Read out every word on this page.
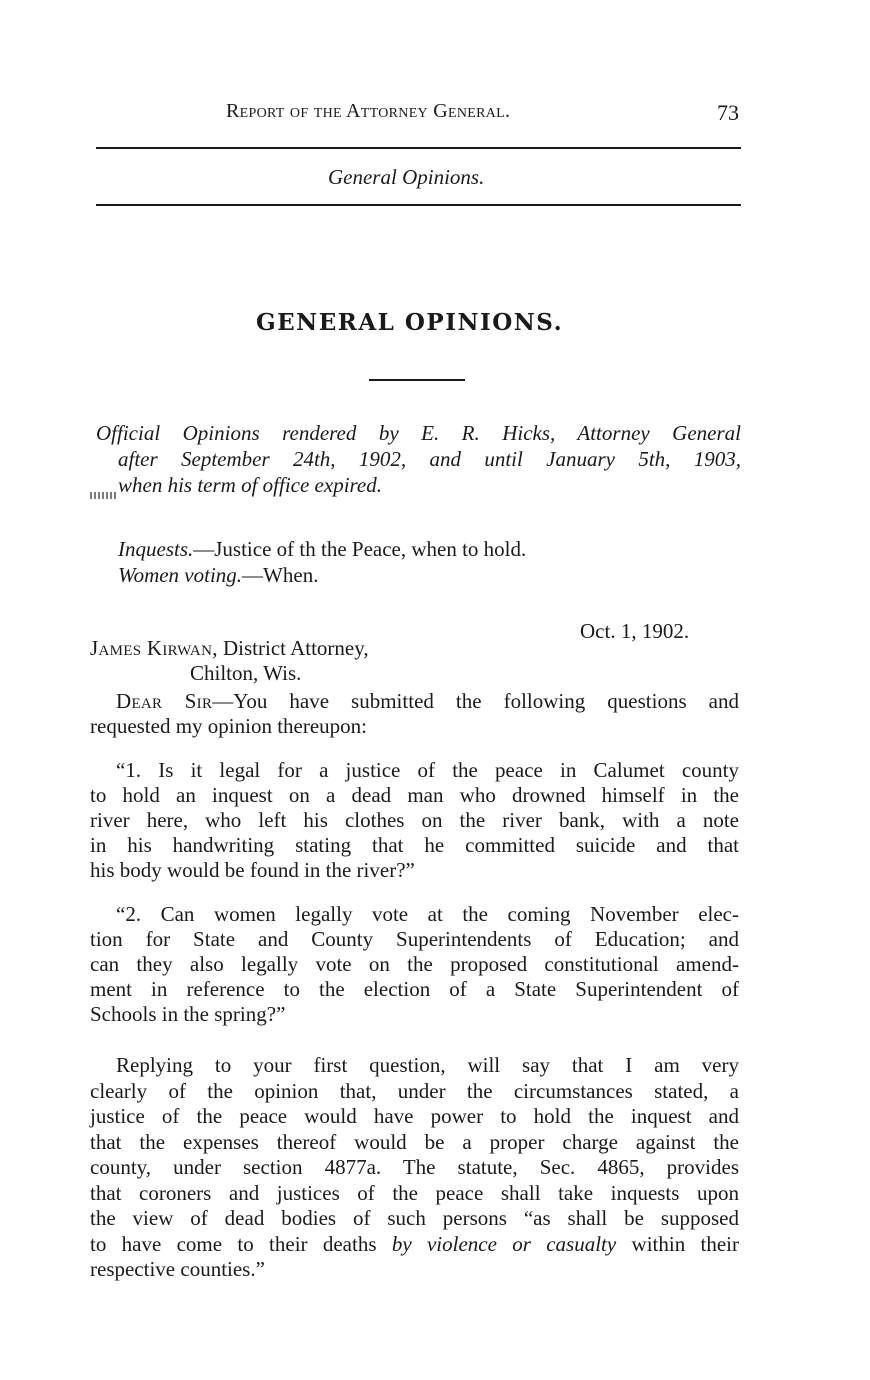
Report of the Attorney General.	73
General Opinions.
GENERAL OPINIONS.
Official Opinions rendered by E. R. Hicks, Attorney General
after September 24th, 1902, and until January 5th, 1903,
when his term of office expired.
Inquests.—Justice of th the Peace, when to hold.
Women voting.—When.
Oct. 1, 1902.
James Kirwan, District Attorney,
Chilton, Wis.
Dear Sir—You have submitted the following questions and
requested my opinion thereupon:
“1. Is it legal for a justice of the peace in Calumet county
to hold an inquest on a dead man who drowned himself in the
river here, who left his clothes on the river bank, with a note
in his handwriting stating that he committed suicide and that
his body would be found in the river?”
“2. Can women legally vote at the coming November elec-
tion for State and County Superintendents of Education; and
can they also legally vote on the proposed constitutional amend-
ment in reference to the election of a State Superintendent of
Schools in the spring?”
Replying to your first question, will say that I am very
clearly of the opinion that, under the circumstances stated, a
justice of the peace would have power to hold the inquest and
that the expenses thereof would be a proper charge against the
county, under section 4877a. The statute, Sec. 4865, provides
that coroners and justices of the peace shall take inquests upon
the view of dead bodies of such persons “as shall be supposed
to have come to their deaths by violence or casualty within their
respective counties.”
